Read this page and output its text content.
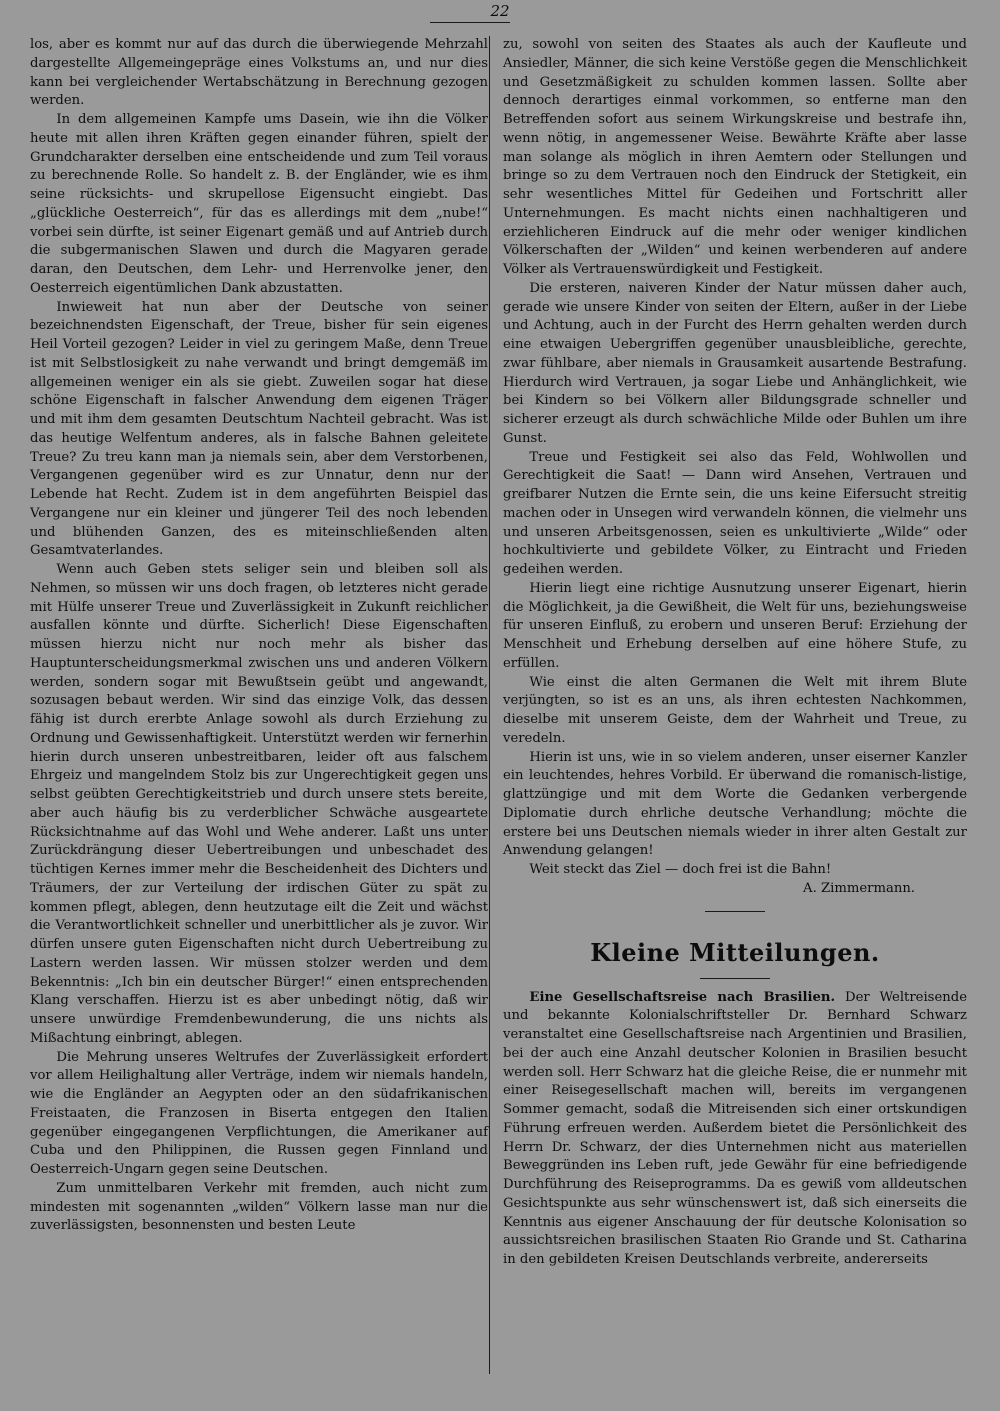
22

los, aber es kommt nur auf das durch die überwiegende Mehrzahl dargestellte Allgemeingepräge eines Volkstums an, und nur dies kann bei vergleichender Wertabschätzung in Berechnung gezogen werden.

In dem allgemeinen Kampfe ums Dasein, wie ihn die Völker heute mit allen ihren Kräften gegen einander führen, spielt der Grundcharakter derselben eine entscheidende und zum Teil voraus zu berechnende Rolle. So handelt z. B. der Engländer, wie es ihm seine rücksichts- und skrupellose Eigensucht eingiebt. Das „glückliche Oesterreich“, für das es allerdings mit dem „nube!“ vorbei sein dürfte, ist seiner Eigenart gemäß und auf Antrieb durch die subgermanischen Slawen und durch die Magyaren gerade daran, den Deutschen, dem Lehr- und Herrenvolke jener, den Oesterreich eigentümlichen Dank abzustatten.

Inwieweit hat nun aber der Deutsche von seiner bezeichnendsten Eigenschaft, der Treue, bisher für sein eigenes Heil Vorteil gezogen? Leider in viel zu geringem Maße, denn Treue ist mit Selbstlosigkeit zu nahe verwandt und bringt demgemäß im allgemeinen weniger ein als sie giebt. Zuweilen sogar hat diese schöne Eigenschaft in falscher Anwendung dem eigenen Träger und mit ihm dem gesamten Deutschtum Nachteil gebracht. Was ist das heutige Welfentum anderes, als in falsche Bahnen geleitete Treue? Zu treu kann man ja niemals sein, aber dem Verstorbenen, Vergangenen gegenüber wird es zur Unnatur, denn nur der Lebende hat Recht. Zudem ist in dem angeführten Beispiel das Vergangene nur ein kleiner und jüngerer Teil des noch lebenden und blühenden Ganzen, des es miteinschließenden alten Gesamtvaterlandes.

Wenn auch Geben stets seliger sein und bleiben soll als Nehmen, so müssen wir uns doch fragen, ob letzteres nicht gerade mit Hülfe unserer Treue und Zuverlässigkeit in Zukunft reichlicher ausfallen könnte und dürfte. Sicherlich! Diese Eigenschaften müssen hierzu nicht nur noch mehr als bisher das Hauptunterscheidungsmerkmal zwischen uns und anderen Völkern werden, sondern sogar mit Bewußtsein geübt und angewandt, sozusagen bebaut werden. Wir sind das einzige Volk, das dessen fähig ist durch ererbte Anlage sowohl als durch Erziehung zu Ordnung und Gewissenhaftigkeit. Unterstützt werden wir fernerhin hierin durch unseren unbestreitbaren, leider oft aus falschem Ehrgeiz und mangelndem Stolz bis zur Ungerechtigkeit gegen uns selbst geübten Gerechtigkeitstrieb und durch unsere stets bereite, aber auch häufig bis zu verderblicher Schwäche ausgeartete Rücksichtnahme auf das Wohl und Wehe anderer. Laßt uns unter Zurückdrängung dieser Uebertreibungen und unbeschadet des tüchtigen Kernes immer mehr die Bescheidenheit des Dichters und Träumers, der zur Verteilung der irdischen Güter zu spät zu kommen pflegt, ablegen, denn heutzutage eilt die Zeit und wächst die Verantwortlichkeit schneller und unerbittlicher als je zuvor. Wir dürfen unsere guten Eigenschaften nicht durch Uebertreibung zu Lastern werden lassen. Wir müssen stolzer werden und dem Bekenntnis: „Ich bin ein deutscher Bürger!“ einen entsprechenden Klang verschaffen. Hierzu ist es aber unbedingt nötig, daß wir unsere unwürdige Fremdenbewunderung, die uns nichts als Mißachtung einbringt, ablegen.

Die Mehrung unseres Weltrufes der Zuverlässigkeit erfordert vor allem Heilighaltung aller Verträge, indem wir niemals handeln, wie die Engländer an Aegypten oder an den südafrikanischen Freistaaten, die Franzosen in Biserta entgegen den Italien gegenüber eingegangenen Verpflichtungen, die Amerikaner auf Cuba und den Philippinen, die Russen gegen Finnland und Oesterreich-Ungarn gegen seine Deutschen.

Zum unmittelbaren Verkehr mit fremden, auch nicht zum mindesten mit sogenannten „wilden“ Völkern lasse man nur die zuverlässigsten, besonnensten und besten Leute

zu, sowohl von seiten des Staates als auch der Kaufleute und Ansiedler, Männer, die sich keine Verstöße gegen die Menschlichkeit und Gesetzmäßigkeit zu schulden kommen lassen. Sollte aber dennoch derartiges einmal vorkommen, so entferne man den Betreffenden sofort aus seinem Wirkungskreise und bestrafe ihn, wenn nötig, in angemessener Weise. Bewährte Kräfte aber lasse man solange als möglich in ihren Aemtern oder Stellungen und bringe so zu dem Vertrauen noch den Eindruck der Stetigkeit, ein sehr wesentliches Mittel für Gedeihen und Fortschritt aller Unternehmungen. Es macht nichts einen nachhaltigeren und erziehlicheren Eindruck auf die mehr oder weniger kindlichen Völkerschaften der „Wilden“ und keinen werbenderen auf andere Völker als Vertrauenswürdigkeit und Festigkeit.

Die ersteren, naiveren Kinder der Natur müssen daher auch, gerade wie unsere Kinder von seiten der Eltern, außer in der Liebe und Achtung, auch in der Furcht des Herrn gehalten werden durch eine etwaigen Uebergriffen gegenüber unausbleibliche, gerechte, zwar fühlbare, aber niemals in Grausamkeit ausartende Bestrafung. Hierdurch wird Vertrauen, ja sogar Liebe und Anhänglichkeit, wie bei Kindern so bei Völkern aller Bildungsgrade schneller und sicherer erzeugt als durch schwächliche Milde oder Buhlen um ihre Gunst.

Treue und Festigkeit sei also das Feld, Wohlwollen und Gerechtigkeit die Saat! — Dann wird Ansehen, Vertrauen und greifbarer Nutzen die Ernte sein, die uns keine Eifersucht streitig machen oder in Unsegen wird verwandeln können, die vielmehr uns und unseren Arbeitsgenossen, seien es unkultivierte „Wilde“ oder hochkultivierte und gebildete Völker, zu Eintracht und Frieden gedeihen werden.

Hierin liegt eine richtige Ausnutzung unserer Eigenart, hierin die Möglichkeit, ja die Gewißheit, die Welt für uns, beziehungsweise für unseren Einfluß, zu erobern und unseren Beruf: Erziehung der Menschheit und Erhebung derselben auf eine höhere Stufe, zu erfüllen.

Wie einst die alten Germanen die Welt mit ihrem Blute verjüngten, so ist es an uns, als ihren echtesten Nachkommen, dieselbe mit unserem Geiste, dem der Wahrheit und Treue, zu veredeln.

Hierin ist uns, wie in so vielem anderen, unser eiserner Kanzler ein leuchtendes, hehres Vorbild. Er überwand die romanisch-listige, glattzüngige und mit dem Worte die Gedanken verbergende Diplomatie durch ehrliche deutsche Verhandlung; möchte die erstere bei uns Deutschen niemals wieder in ihrer alten Gestalt zur Anwendung gelangen!

Weit steckt das Ziel — doch frei ist die Bahn!

A. Zimmermann.

Kleine Mitteilungen.

Eine Gesellschaftsreise nach Brasilien. Der Weltreisende und bekannte Kolonialschriftsteller Dr. Bernhard Schwarz veranstaltet eine Gesellschaftsreise nach Argentinien und Brasilien, bei der auch eine Anzahl deutscher Kolonien in Brasilien besucht werden soll. Herr Schwarz hat die gleiche Reise, die er nunmehr mit einer Reisegesellschaft machen will, bereits im vergangenen Sommer gemacht, sodaß die Mitreisenden sich einer ortskundigen Führung erfreuen werden. Außerdem bietet die Persönlichkeit des Herrn Dr. Schwarz, der dies Unternehmen nicht aus materiellen Beweggründen ins Leben ruft, jede Gewähr für eine befriedigende Durchführung des Reiseprogramms. Da es gewiß vom alldeutschen Gesichtspunkte aus sehr wünschenswert ist, daß sich einerseits die Kenntnis aus eigener Anschauung der für deutsche Kolonisation so aussichtsreichen brasilischen Staaten Rio Grande und St. Catharina in den gebildeten Kreisen Deutschlands verbreite, andererseits
